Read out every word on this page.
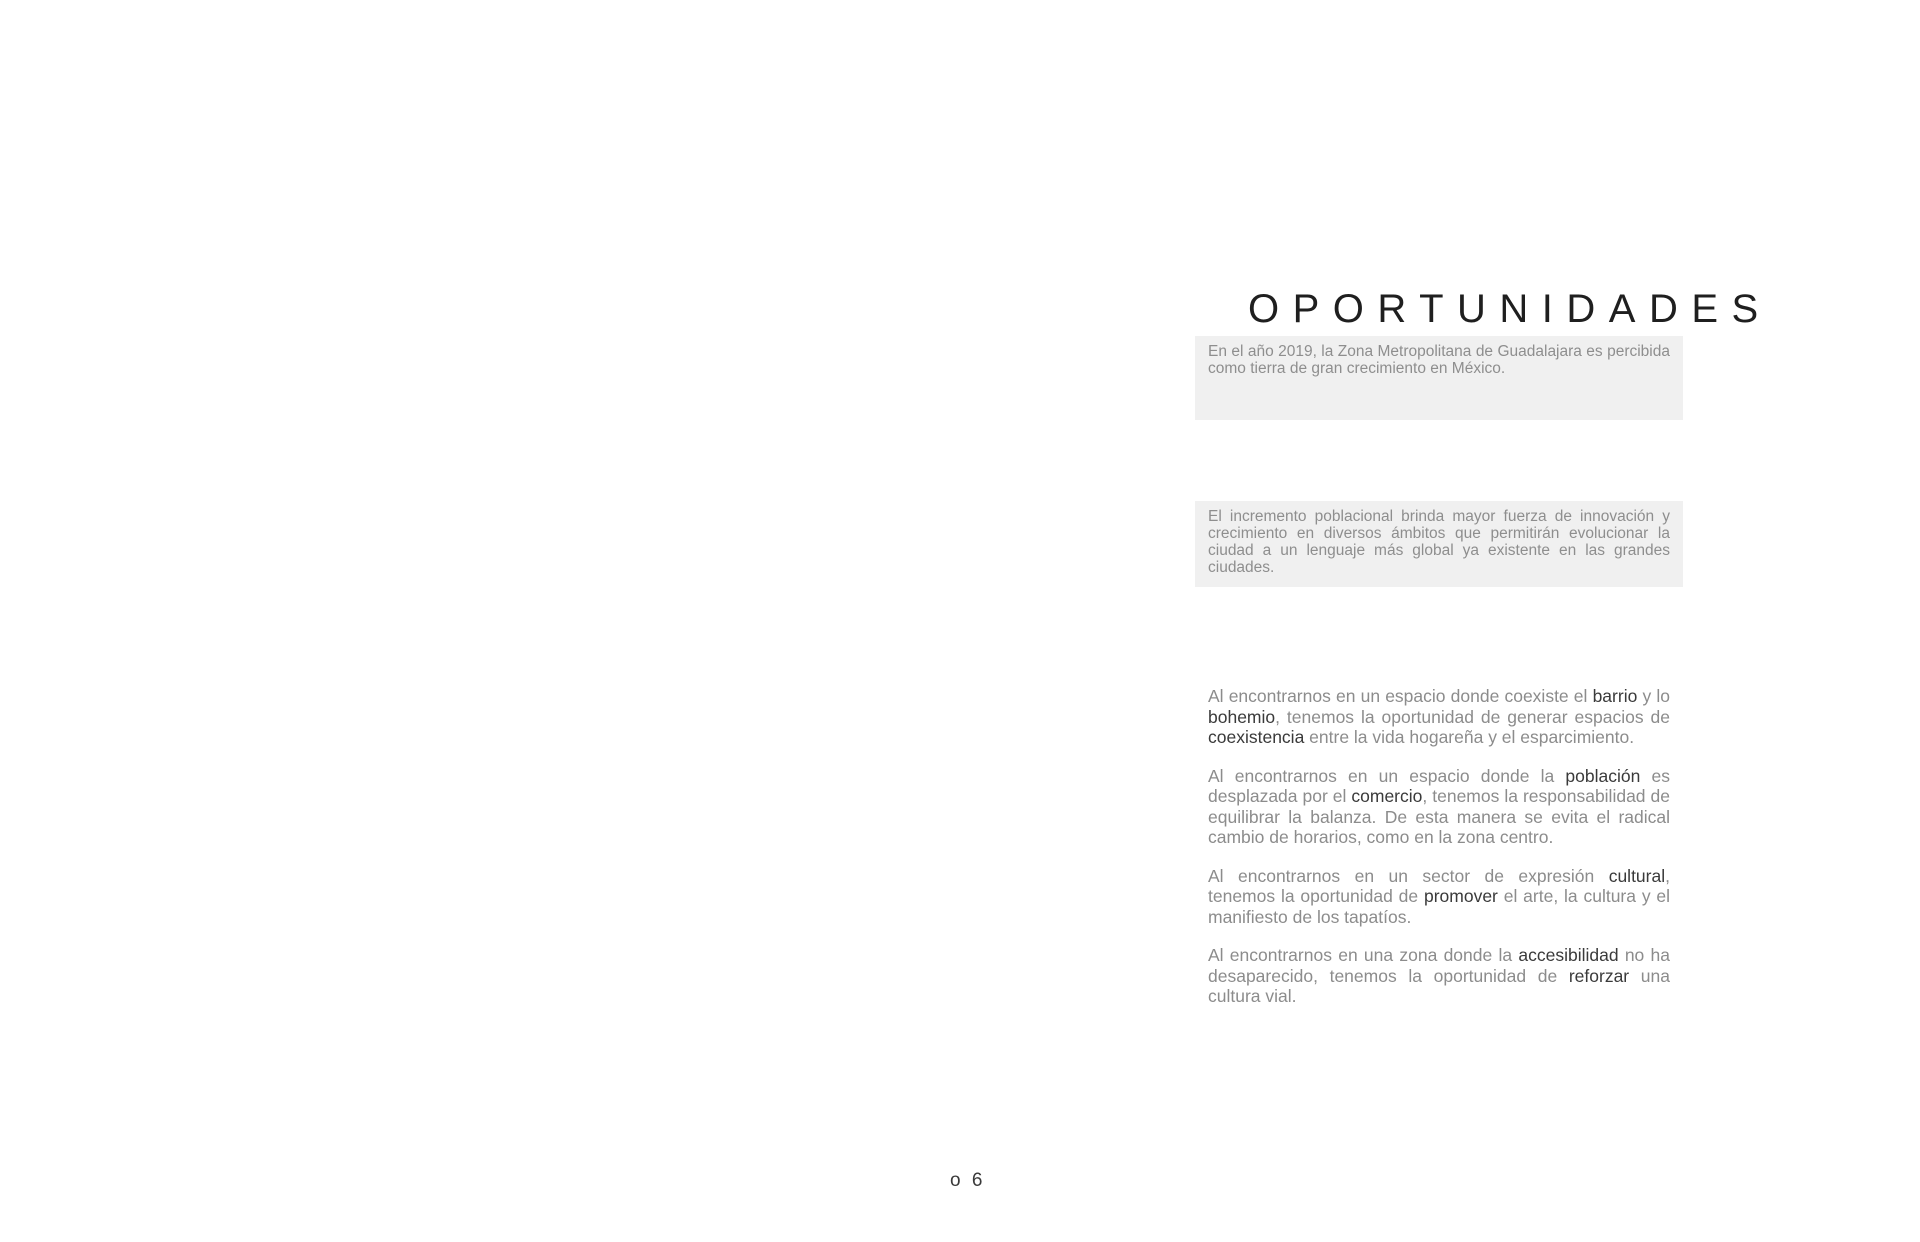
OPORTUNIDADES
En el año 2019, la Zona Metropolitana de Guadalajara es percibida como tierra de gran crecimiento en México.
El incremento poblacional brinda mayor fuerza de innovación y crecimiento en diversos ámbitos que permitirán evolucionar la ciudad a un lenguaje más global ya existente en las grandes ciudades.

Al encontrarnos en un espacio donde coexiste el barrio y lo bohemio, tenemos la oportunidad de generar espacios de coexistencia entre la vida hogareña y el esparcimiento.

Al encontrarnos en un espacio donde la población es desplazada por el comercio, tenemos la responsabilidad de equilibrar la balanza. De esta manera se evita el radical cambio de horarios, como en la zona centro.

Al encontrarnos en un sector de expresión cultural, tenemos la oportunidad de promover el arte, la cultura y el manifiesto de los tapatíos.

Al encontrarnos en una zona donde la accesibilidad no ha desaparecido, tenemos la oportunidad de reforzar una cultura vial.

o 6
